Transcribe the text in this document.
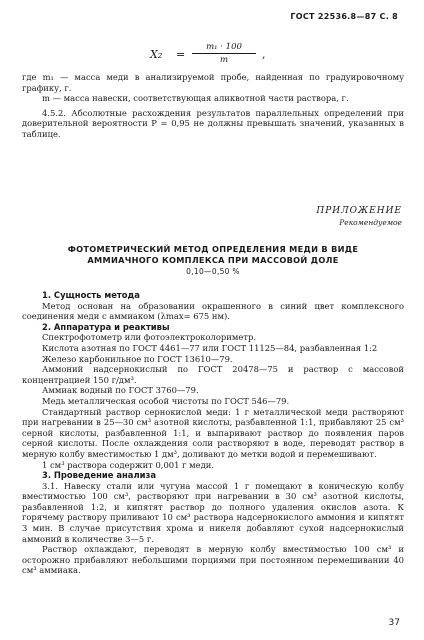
ГОСТ 22536.8—87 С. 8
$X_2 = \frac{\text{m₁ · 100}}{m}$ ,

где m₁ — масса меди в анализируемой пробе, найденная по градуировочному графику, г.

m — масса навески, соответствующая аликвотной части раствора, г.

4.5.2. Абсолютные расхождения результатов параллельных определений при доверительной вероятности P = 0,95 не должны превышать значений, указанных в таблице.

ПРИЛОЖЕНИЕ
Рекомендуемое
ФОТОМЕТРИЧЕСКИЙ МЕТОД ОПРЕДЕЛЕНИЯ МЕДИ В ВИДЕ
АММИАЧНОГО КОМПЛЕКСА ПРИ МАССОВОЙ ДОЛЕ
0,10—0,50 %

1. Сущность метода

Метод основан на образовании окрашенного в синий цвет комплексного соединения меди с аммиаком (λmax= 675 нм).

2. Аппаратура и реактивы

Спектрофотометр или фотоэлектроколориметр.

Кислота азотная по ГОСТ 4461—77 или ГОСТ 11125—84, разбавленная 1:2

Железо карбонильное по ГОСТ 13610—79.

Аммоний надсернокислый по ГОСТ 20478—75 и раствор с массовой концентрацией 150 г/дм³.

Аммиак водный по ГОСТ 3760—79.

Медь металлическая особой чистоты по ГОСТ 546—79.

Стандартный раствор сернокислой меди: 1 г металлической меди растворяют при нагревании в 25—30 см³ азотной кислоты, разбавленной 1:1, прибавляют 25 см³ серной кислоты, разбавленной 1:1, и выпаривают раствор до появления паров серной кислоты. После охлаждения соли растворяют в воде, переводят раствор в мерную колбу вместимостью 1 дм³, доливают до метки водой и перемешивают.

1 см³ раствора содержит 0,001 г меди.

3. Проведение анализа

3.1. Навеску стали или чугуна массой 1 г помещают в коническую колбу вместимостью 100 см³, растворяют при нагревании в 30 см³ азотной кислоты, разбавленной 1:2, и кипятят раствор до полного удаления окислов азота. К горячему раствору приливают 10 см³ раствора надсернокислого аммония и кипятят 3 мин. В случае присутствия хрома и никеля добавляют сухой надсернокислый аммоний в количестве 3—5 г.

Раствор охлаждают, переводят в мерную колбу вместимостью 100 см³ и осторожно прибавляют небольшими порциями при постоянном перемешивании 40 см³ аммиака.

37
